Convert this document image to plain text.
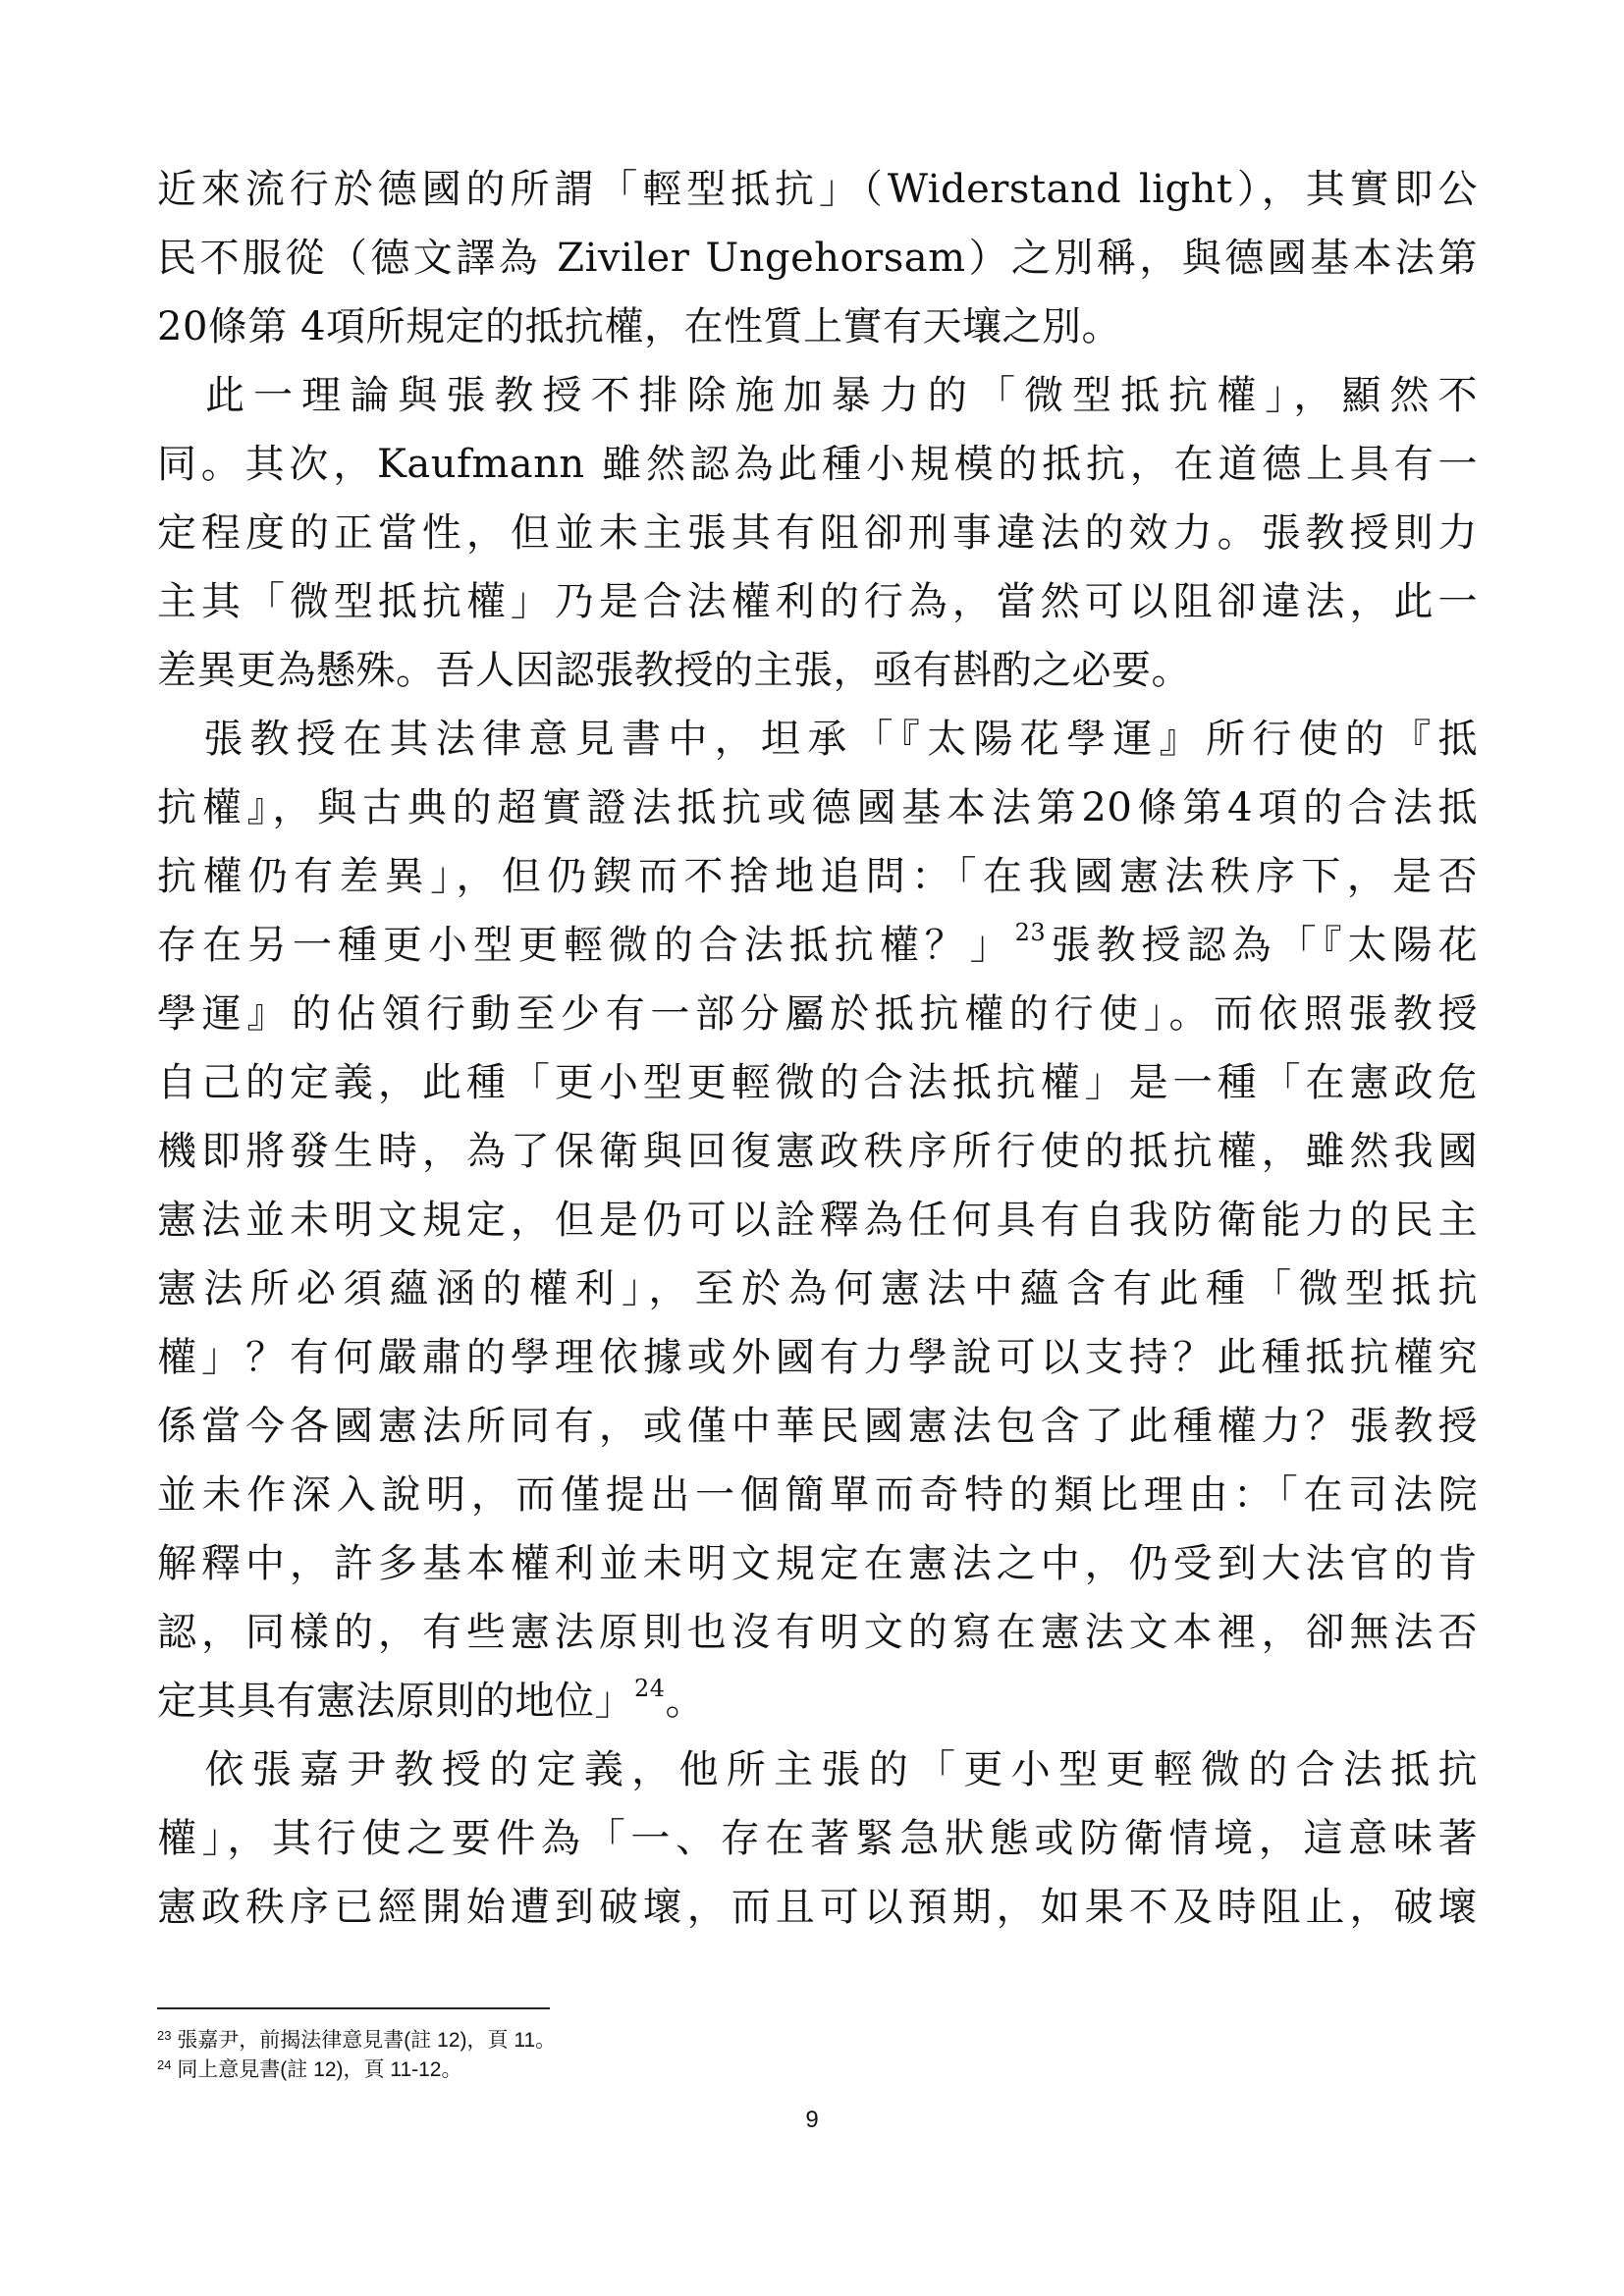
近來流行於德國的所謂「輕型抵抗」（Widerstand light），其實即公
民不服從（德文譯為 Ziviler Ungehorsam）之別稱，與德國基本法第
20條第 4項所規定的抵抗權，在性質上實有天壤之別。
　此一理論與張教授不排除施加暴力的「微型抵抗權」，顯然不
同。其次，Kaufmann 雖然認為此種小規模的抵抗，在道德上具有一
定程度的正當性，但並未主張其有阻卻刑事違法的效力。張教授則力
主其「微型抵抗權」乃是合法權利的行為，當然可以阻卻違法，此一
差異更為懸殊。吾人因認張教授的主張，亟有斟酌之必要。
　張教授在其法律意見書中，坦承「『太陽花學運』所行使的『抵
抗權』，與古典的超實證法抵抗或德國基本法第20條第4項的合法抵
抗權仍有差異」，但仍鍥而不捨地追問：「在我國憲法秩序下，是否
存在另一種更小型更輕微的合法抵抗權？」$^{23}$張教授認為「『太陽花
學運』的佔領行動至少有一部分屬於抵抗權的行使」。而依照張教授
自己的定義，此種「更小型更輕微的合法抵抗權」是一種「在憲政危
機即將發生時，為了保衛與回復憲政秩序所行使的抵抗權，雖然我國
憲法並未明文規定，但是仍可以詮釋為任何具有自我防衛能力的民主
憲法所必須蘊涵的權利」，至於為何憲法中蘊含有此種「微型抵抗
權」？有何嚴肅的學理依據或外國有力學說可以支持？此種抵抗權究
係當今各國憲法所同有，或僅中華民國憲法包含了此種權力？張教授
並未作深入說明，而僅提出一個簡單而奇特的類比理由：「在司法院
解釋中，許多基本權利並未明文規定在憲法之中，仍受到大法官的肯
認，同樣的，有些憲法原則也沒有明文的寫在憲法文本裡，卻無法否
定其具有憲法原則的地位」$^{24}$。
　依張嘉尹教授的定義，他所主張的「更小型更輕微的合法抵抗
權」，其行使之要件為「一、存在著緊急狀態或防衛情境，這意味著
憲政秩序已經開始遭到破壞，而且可以預期，如果不及時阻止，破壞
$^{23}$ 張嘉尹，前揭法律意見書(註 12)，頁 11。
$^{24}$ 同上意見書(註 12)，頁 11-12。
9
